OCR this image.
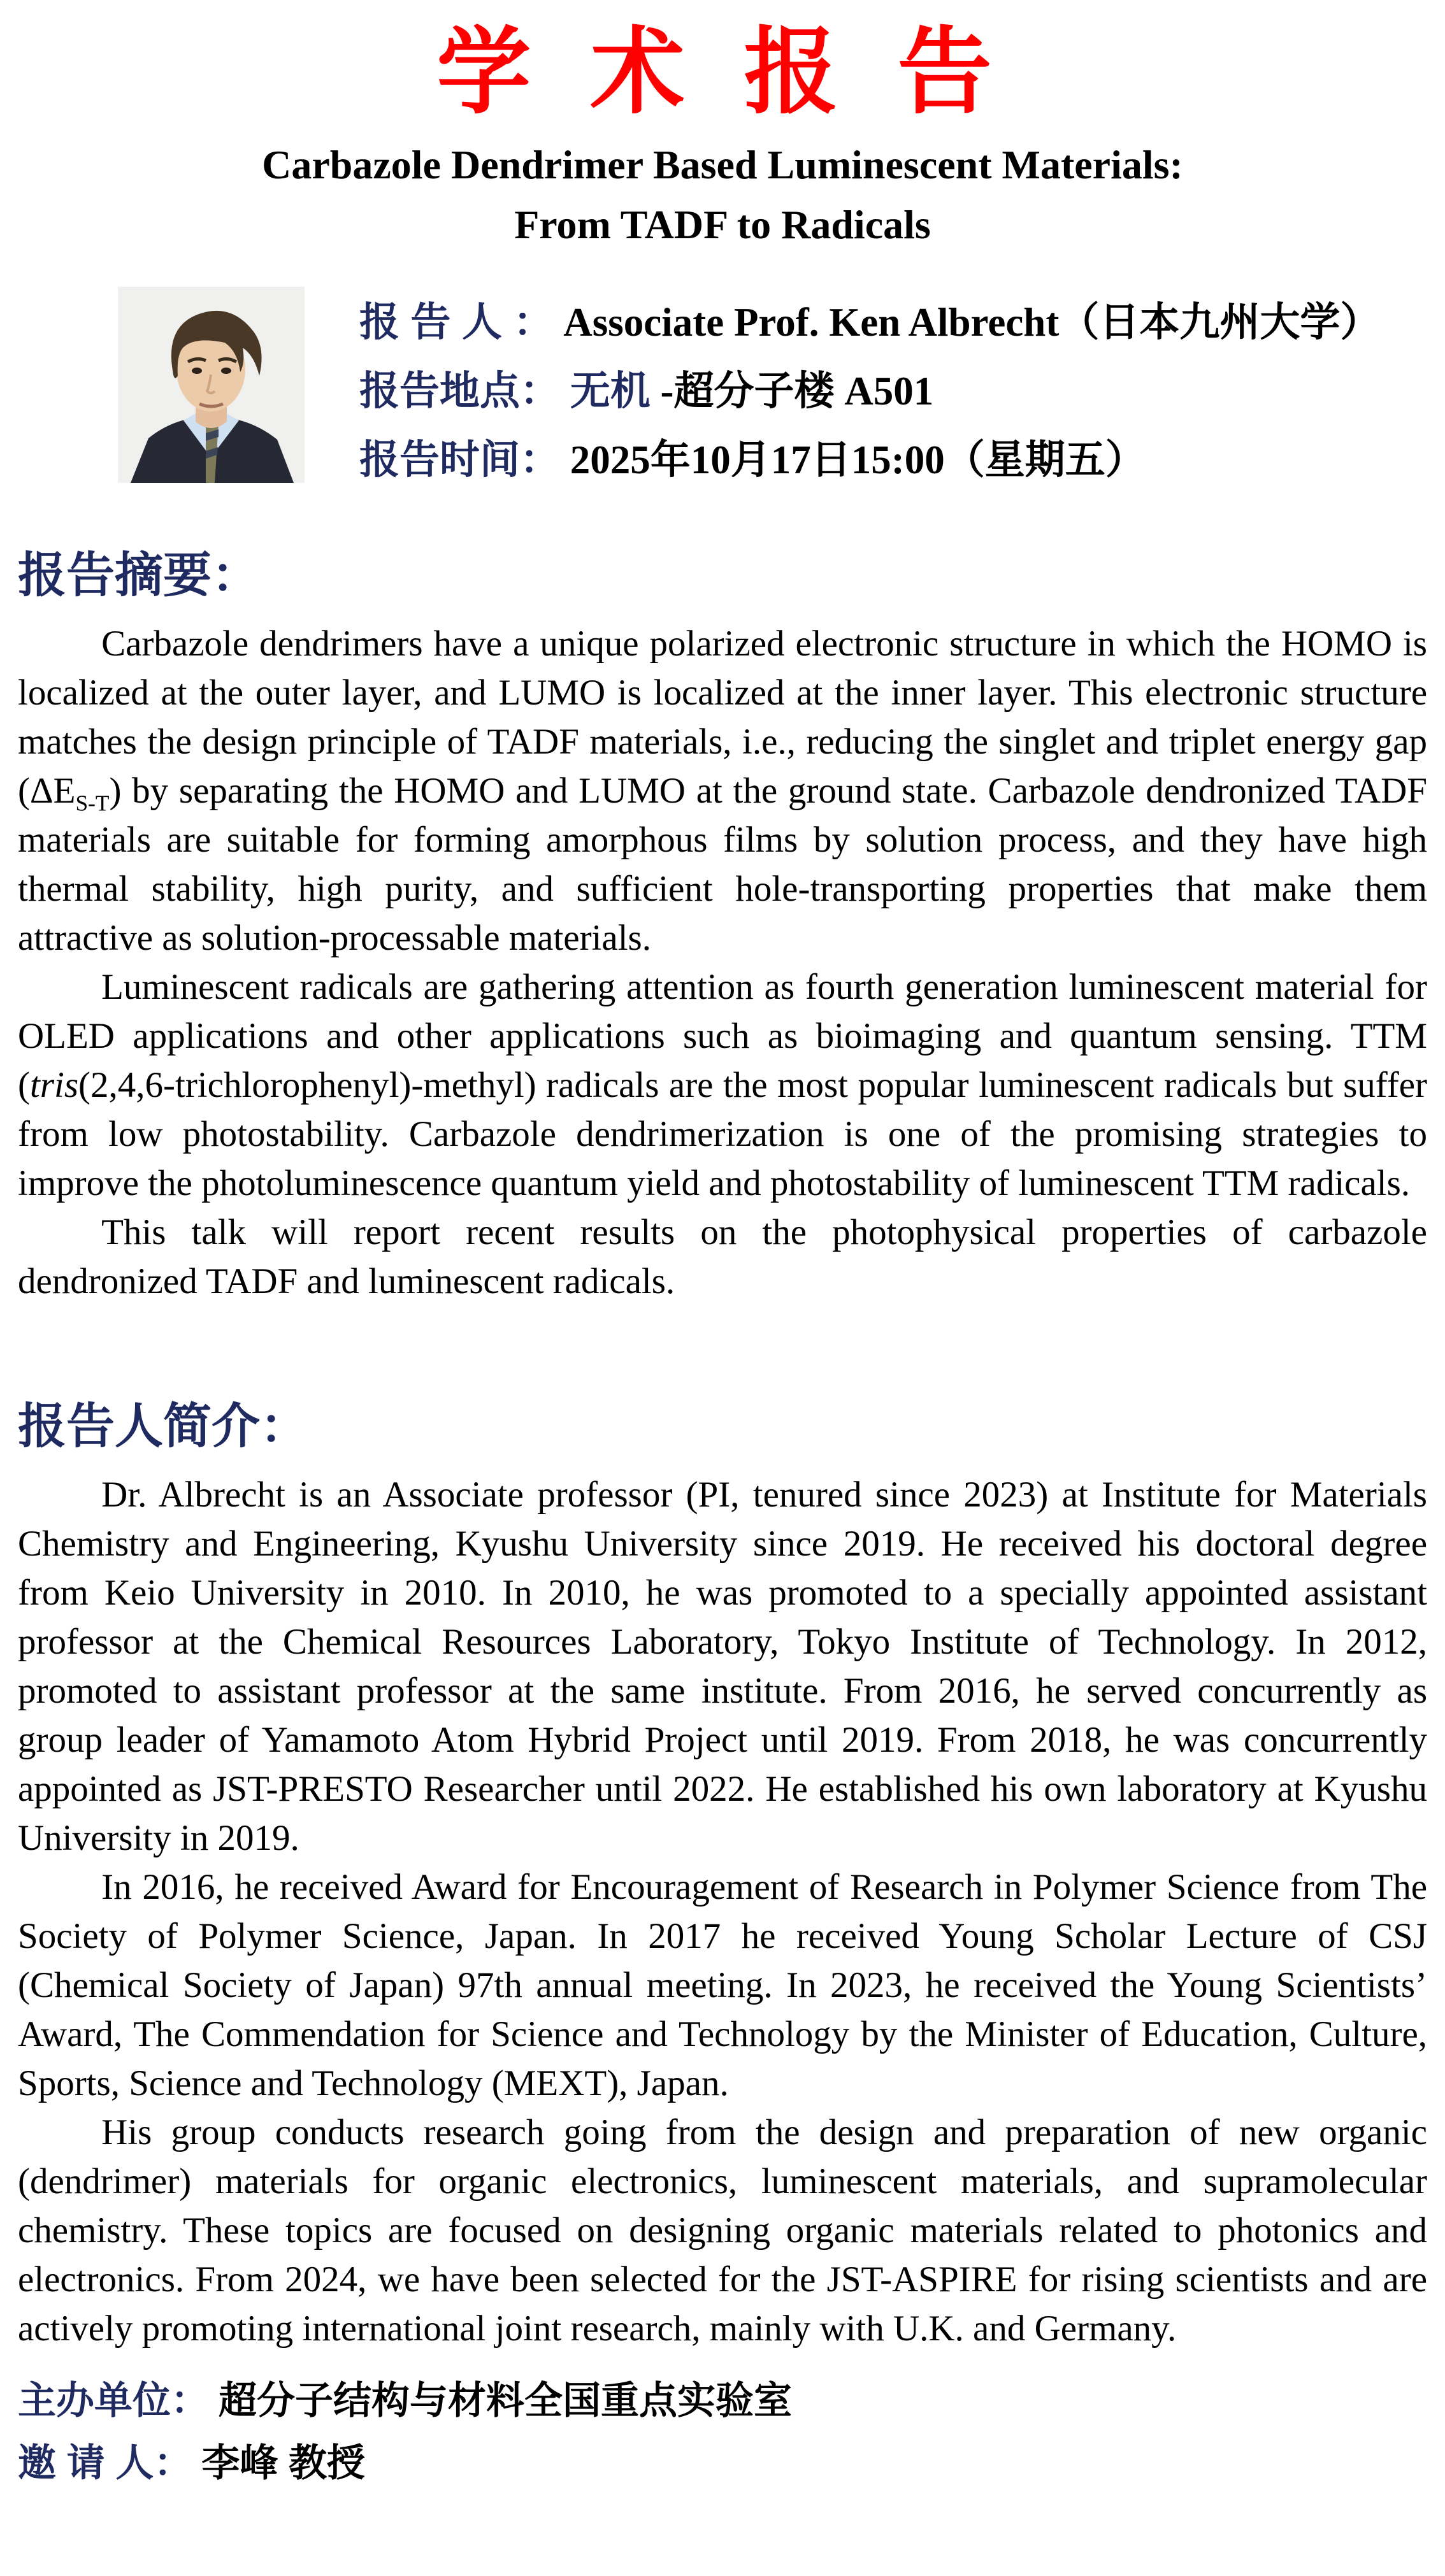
学 术 报 告
Carbazole Dendrimer Based Luminescent Materials:
From TADF to Radicals
报 告 人 ： Associate Prof. Ken Albrecht（日本九州大学）
报告地点： 无机 -超分子楼 A501
报告时间： 2025年10月17日15:00（星期五）
报告摘要：

Carbazole dendrimers have a unique polarized electronic structure in which the HOMO is localized at the outer layer, and LUMO is localized at the inner layer. This electronic structure matches the design principle of TADF materials, i.e., reducing the singlet and triplet energy gap $(\Delta E_{S-T})$ by separating the HOMO and LUMO at the ground state. Carbazole dendronized TADF materials are suitable for forming amorphous films by solution process, and they have high thermal stability, high purity, and sufficient hole-transporting properties that make them attractive as solution-processable materials.

Luminescent radicals are gathering attention as fourth generation luminescent material for OLED applications and other applications such as bioimaging and quantum sensing. TTM (tris(2,4,6-trichlorophenyl)-methyl) radicals are the most popular luminescent radicals but suffer from low photostability. Carbazole dendrimerization is one of the promising strategies to improve the photoluminescence quantum yield and photostability of luminescent TTM radicals.

This talk will report recent results on the photophysical properties of carbazole dendronized TADF and luminescent radicals.

报告人简介：

Dr. Albrecht is an Associate professor (PI, tenured since 2023) at Institute for Materials Chemistry and Engineering, Kyushu University since 2019. He received his doctoral degree from Keio University in 2010. In 2010, he was promoted to a specially appointed assistant professor at the Chemical Resources Laboratory, Tokyo Institute of Technology. In 2012, promoted to assistant professor at the same institute. From 2016, he served concurrently as group leader of Yamamoto Atom Hybrid Project until 2019. From 2018, he was concurrently appointed as JST-PRESTO Researcher until 2022. He established his own laboratory at Kyushu University in 2019.

In 2016, he received Award for Encouragement of Research in Polymer Science from The Society of Polymer Science, Japan. In 2017 he received Young Scholar Lecture of CSJ (Chemical Society of Japan) 97th annual meeting. In 2023, he received the Young Scientists’ Award, The Commendation for Science and Technology by the Minister of Education, Culture, Sports, Science and Technology (MEXT), Japan.

His group conducts research going from the design and preparation of new organic (dendrimer) materials for organic electronics, luminescent materials, and supramolecular chemistry. These topics are focused on designing organic materials related to photonics and electronics. From 2024, we have been selected for the JST-ASPIRE for rising scientists and are actively promoting international joint research, mainly with U.K. and Germany.

主办单位： 超分子结构与材料全国重点实验室
邀 请 人： 李峰 教授
